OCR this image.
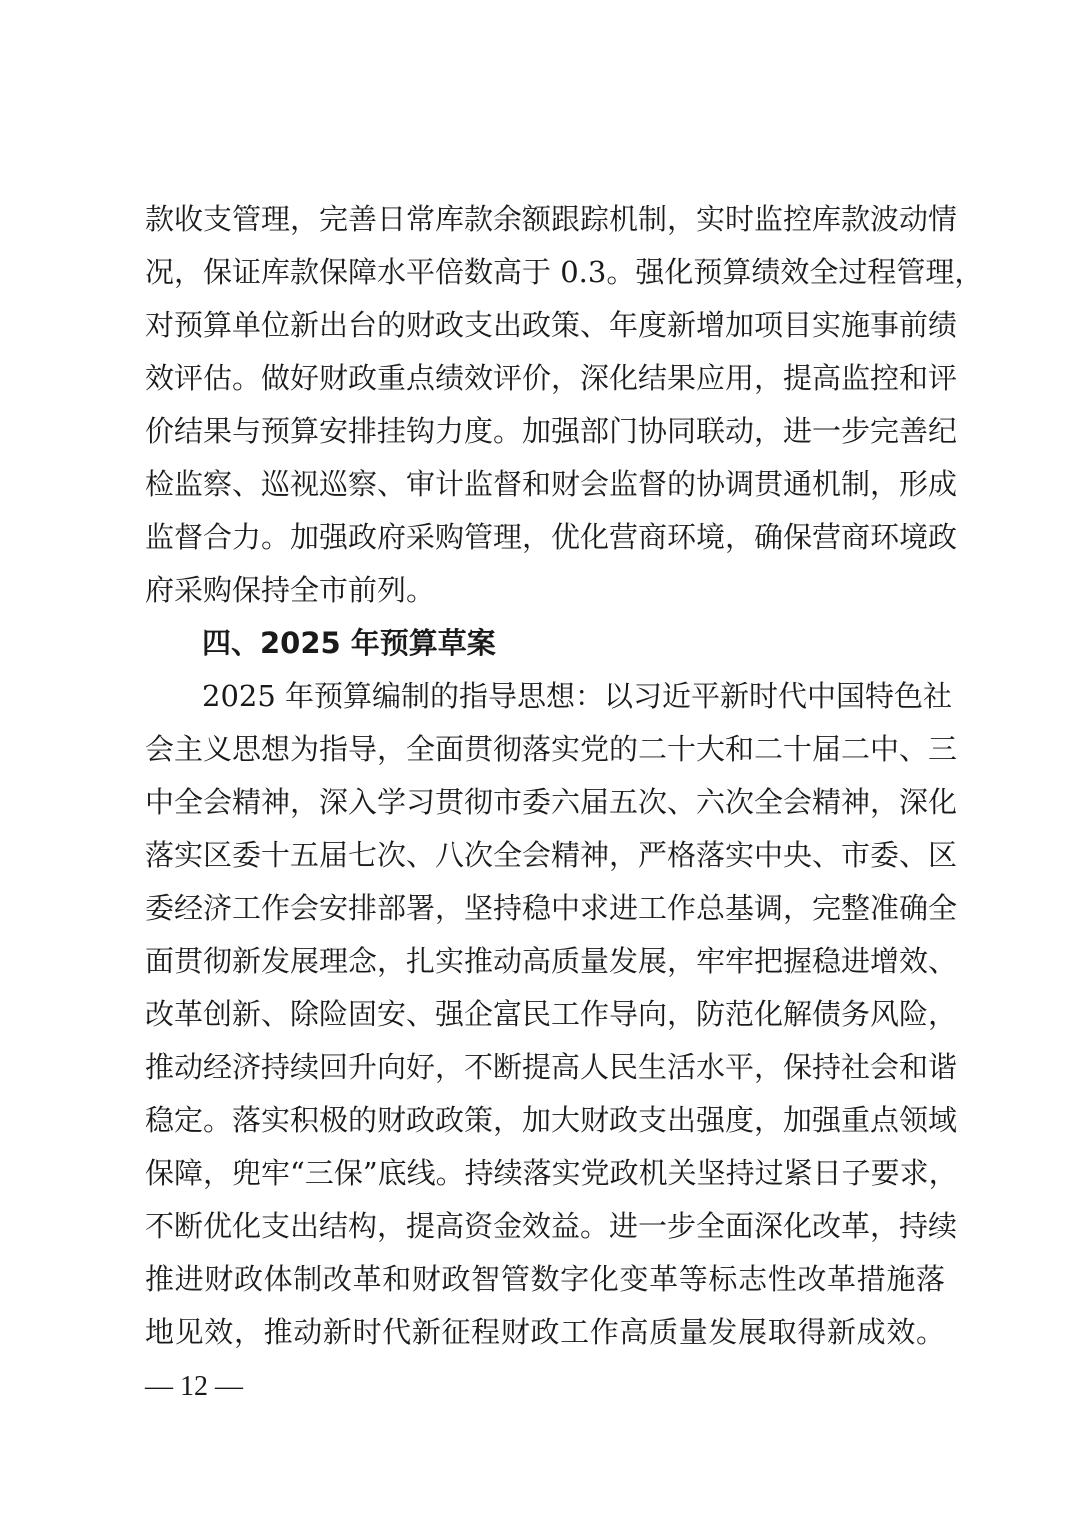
款收支管理，完善日常库款余额跟踪机制，实时监控库款波动情
况，保证库款保障水平倍数高于 0.3。强化预算绩效全过程管理，
对预算单位新出台的财政支出政策、年度新增加项目实施事前绩
效评估。做好财政重点绩效评价，深化结果应用，提高监控和评
价结果与预算安排挂钩力度。加强部门协同联动，进一步完善纪
检监察、巡视巡察、审计监督和财会监督的协调贯通机制，形成
监督合力。加强政府采购管理，优化营商环境，确保营商环境政
府采购保持全市前列。
四、2025 年预算草案
2025 年预算编制的指导思想：以习近平新时代中国特色社
会主义思想为指导，全面贯彻落实党的二十大和二十届二中、三
中全会精神，深入学习贯彻市委六届五次、六次全会精神，深化
落实区委十五届七次、八次全会精神，严格落实中央、市委、区
委经济工作会安排部署，坚持稳中求进工作总基调，完整准确全
面贯彻新发展理念，扎实推动高质量发展，牢牢把握稳进增效、
改革创新、除险固安、强企富民工作导向，防范化解债务风险，
推动经济持续回升向好，不断提高人民生活水平，保持社会和谐
稳定。落实积极的财政政策，加大财政支出强度，加强重点领域
保障，兜牢“三保”底线。持续落实党政机关坚持过紧日子要求，
不断优化支出结构，提高资金效益。进一步全面深化改革，持续
推进财政体制改革和财政智管数字化变革等标志性改革措施落
地见效，推动新时代新征程财政工作高质量发展取得新成效。
— 12 —
